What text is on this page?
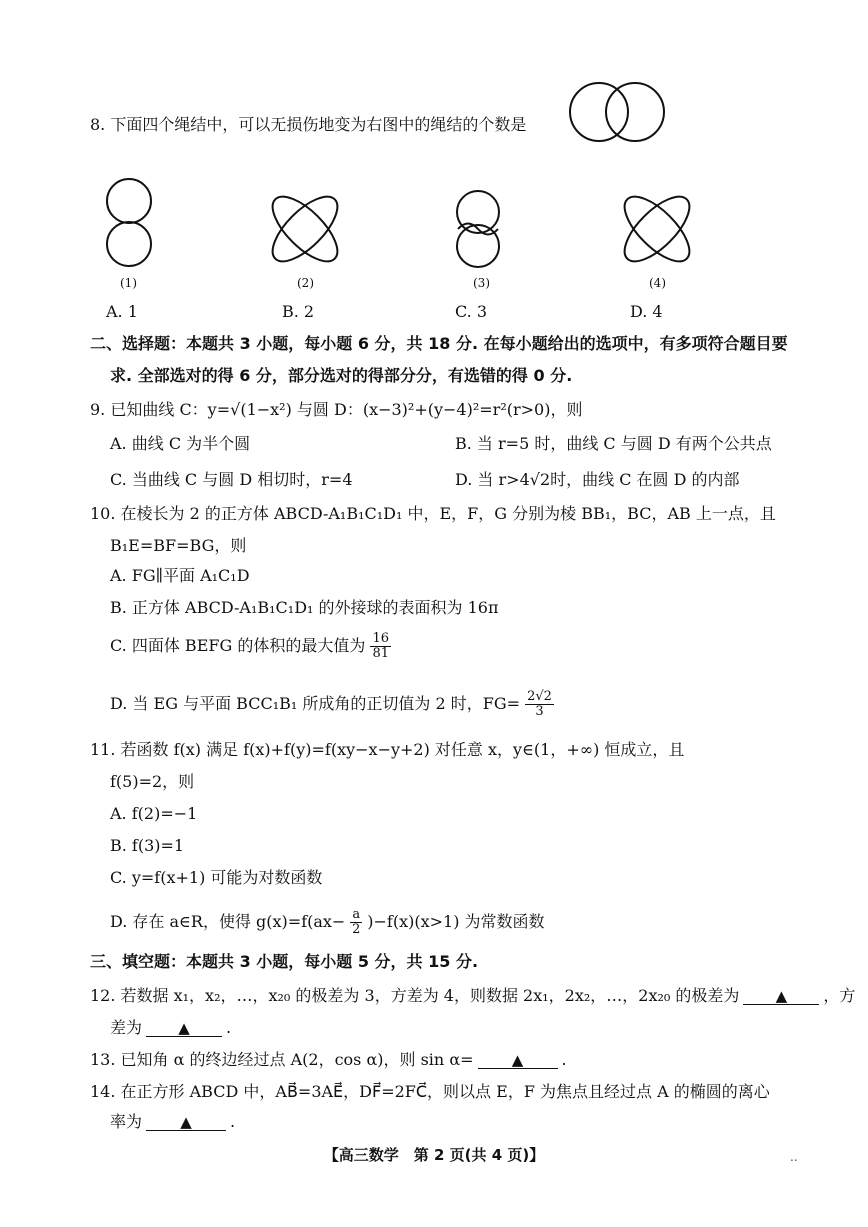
8. 下面四个绳结中，可以无损伤地变为右图中的绳结的个数是
(1)	(2)	(3)	(4)
A. 1	B. 2	C. 3	D. 4
二、选择题：本题共 3 小题，每小题 6 分，共 18 分. 在每小题给出的选项中，有多项符合题目要
求. 全部选对的得 6 分，部分选对的得部分分，有选错的得 0 分.
9. 已知曲线 C：y=√(1−x²) 与圆 D：(x−3)²+(y−4)²=r²(r>0)，则
A. 曲线 C 为半个圆	B. 当 r=5 时，曲线 C 与圆 D 有两个公共点
C. 当曲线 C 与圆 D 相切时，r=4	D. 当 r>4√2时，曲线 C 在圆 D 的内部
10. 在棱长为 2 的正方体 ABCD-A₁B₁C₁D₁ 中，E，F，G 分别为棱 BB₁，BC，AB 上一点，且
B₁E=BF=BG，则
A. FG∥平面 A₁C₁D
B. 正方体 ABCD-A₁B₁C₁D₁ 的外接球的表面积为 16π
C. 四面体 BEFG 的体积的最大值为 $\frac{16}{81}$
D. 当 EG 与平面 BCC₁B₁ 所成角的正切值为 2 时，$FG= \frac{2√2}{3}$
11. 若函数 f(x) 满足 f(x)+f(y)=f(xy−x−y+2) 对任意 x，y∈(1，+∞) 恒成立，且
f(5)=2，则
A. f(2)=−1
B. f(3)=1
C. y=f(x+1) 可能为对数函数
D. 存在 a∈R，使得 $g(x)=f(ax- \frac{a}{2} )-f(x)(x>1)$ 为常数函数
三、填空题：本题共 3 小题，每小题 5 分，共 15 分.
12. 若数据 x₁，x₂，…，x₂₀ 的极差为 3，方差为 4，则数据 2x₁，2x₂，…，2x₂₀ 的极差为 ▲ ，方
差为 ▲ .
13. 已知角 α 的终边经过点 A(2，cos α)，则 sin α=	▲ .
14. 在正方形 ABCD 中，AB⃗=3AE⃗，DF⃗=2FC⃗，则以点 E，F 为焦点且经过点 A 的椭圆的离心
率为	▲ .
【高三数学　第 2 页(共 4 页)】	..
